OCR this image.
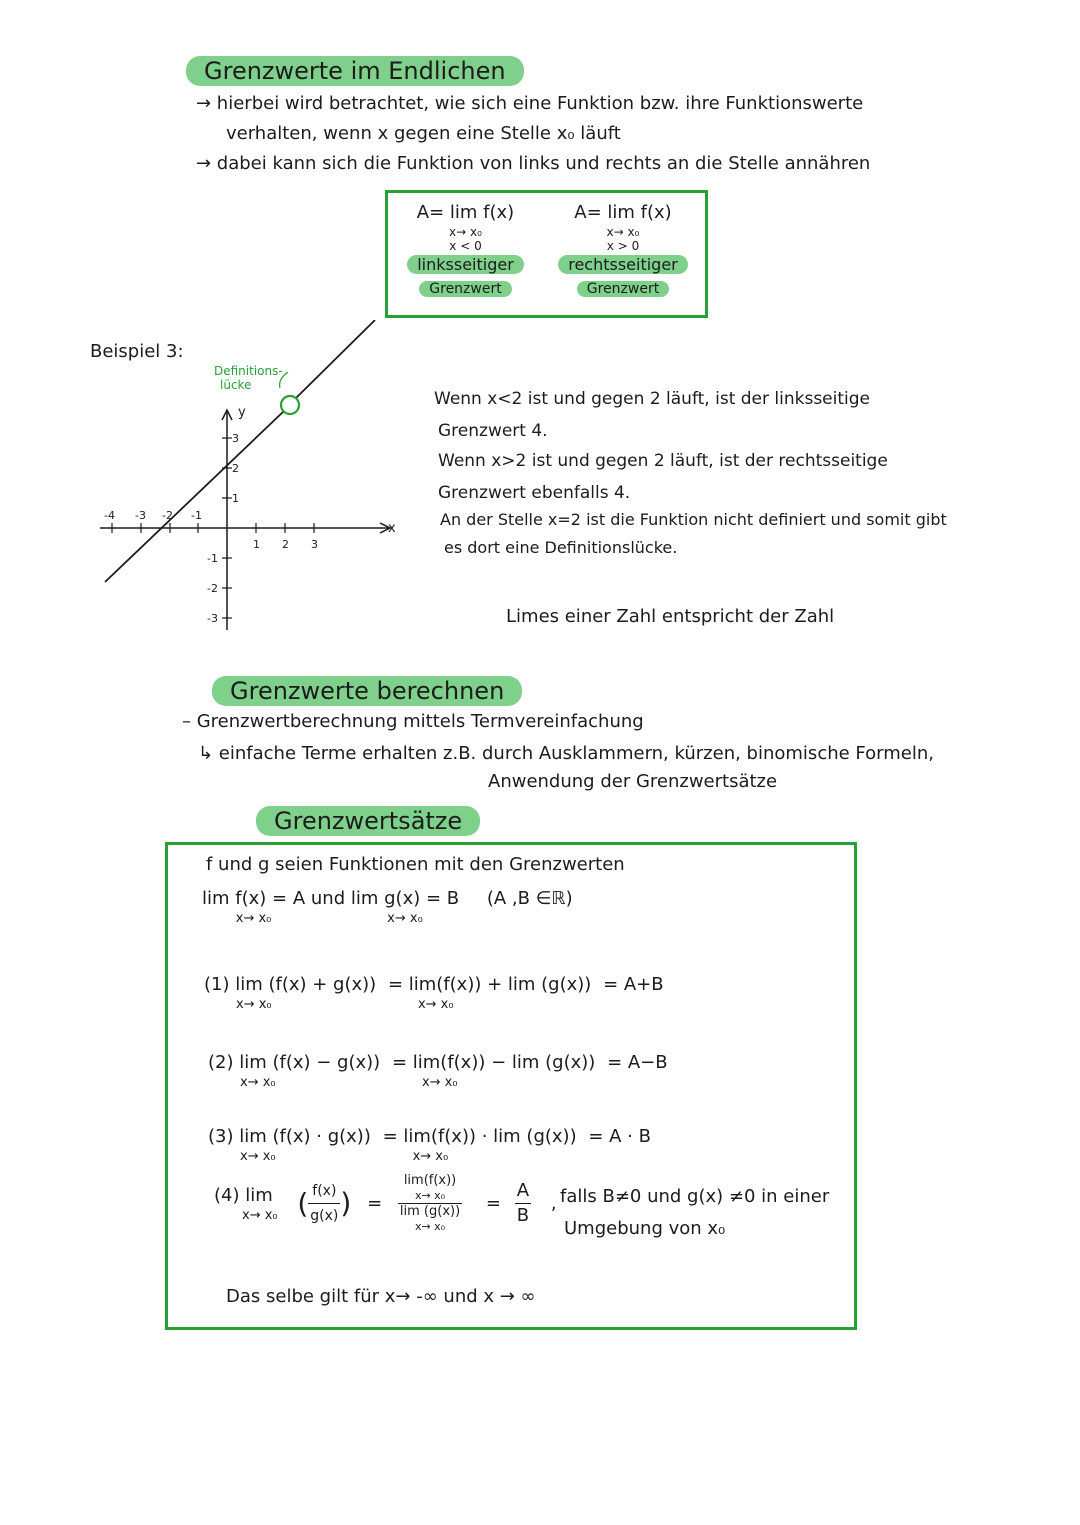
Grenzwerte im Endlichen
→ hierbei wird betrachtet, wie sich eine Funktion bzw. ihre Funktionswerte
verhalten, wenn x gegen eine Stelle x₀ läuft
→ dabei kann sich die Funktion von links und rechts an die Stelle annähren
A= lim f(x)
x→ x₀
x < 0
linksseitiger
Grenzwert
A= lim f(x)
x→ x₀
x > 0
rechtsseitiger
Grenzwert
Beispiel 3:
Definitions-
lücke
-4 -3 -2 -1
1 2 3
3
2
1
-1
-2
-3
y
x
Wenn x<2 ist und gegen 2 läuft, ist der linksseitige
Grenzwert 4.
Wenn x>2 ist und gegen 2 läuft, ist der rechtsseitige
Grenzwert ebenfalls 4.
An der Stelle x=2 ist die Funktion nicht definiert und somit gibt
es dort eine Definitionslücke.
Limes einer Zahl entspricht der Zahl
Grenzwerte berechnen
– Grenzwertberechnung mittels Termvereinfachung
↳ einfache Terme erhalten z.B. durch Ausklammern, kürzen, binomische Formeln,
Anwendung der Grenzwertsätze
Grenzwertsätze
f und g seien Funktionen mit den Grenzwerten
lim f(x) = A
x→ x₀
und lim g(x) = B
x→ x₀
(A ,B ∈ℝ)
(1) lim (f(x) + g(x))
x→ x₀
= lim(f(x)) + lim (g(x))
x→ x₀
= A+B
(2) lim (f(x) − g(x))
x→ x₀
= lim(f(x)) − lim (g(x))
x→ x₀
= A−B
(3) lim (f(x) · g(x))
x→ x₀
= lim(f(x)) · lim (g(x))
x→ x₀
= A · B
(4) lim
x→ x₀ ( $\frac{f(x)}{g(x)}$ ) = lim(f(x))
x→ x₀
lim (g(x))
$x\to x_0 = \frac{A}{B}$ , falls B≠0 und g(x) ≠0 in einer
Umgebung von x₀
Das selbe gilt für x→ -∞ und x → ∞
